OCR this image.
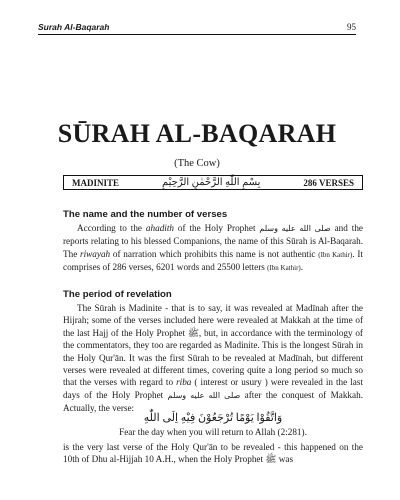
Surah Al-Baqarah	95
SŪRAH AL-BAQARAH
(The Cow)
MADINITE	بِسْمِ اللّٰهِ الرَّحْمٰنِ الرَّحِيْمِ	286 VERSES
The name and the number of verses

According to the ahadith of the Holy Prophet صلى الله عليه وسلم and the reports relating to his blessed Companions, the name of this Sūrah is Al-Baqarah. The riwayah of narration which prohibits this name is not authentic (Ibn Kathir). It comprises of 286 verses, 6201 words and 25500 letters (Ibn Kathir).

The period of revelation

The Sūrah is Madinite - that is to say, it was revealed at Madīnah after the Hijrah; some of the verses included here were revealed at Makkah at the time of the last Hajj of the Holy Prophet ﷺ, but, in accordance with the terminology of the commentators, they too are regarded as Madinite. This is the longest Sūrah in the Holy Qur'ān. It was the first Sūrah to be revealed at Madīnah, but different verses were revealed at different times, covering quite a long period so much so that the verses with regard to riba ( interest or usury ) were revealed in the last days of the Holy Prophet صلى الله عليه وسلم after the conquest of Makkah. Actually, the verse:

وَاتَّقُوْا يَوْمًا تُرْجَعُوْنَ فِيْهِ اِلَى اللّٰهِ
Fear the day when you will return to Allah (2:281).

is the very last verse of the Holy Qur'ān to be revealed - this happened on the 10th of Dhu al-Hijjah 10 A.H., when the Holy Prophet ﷺ was
